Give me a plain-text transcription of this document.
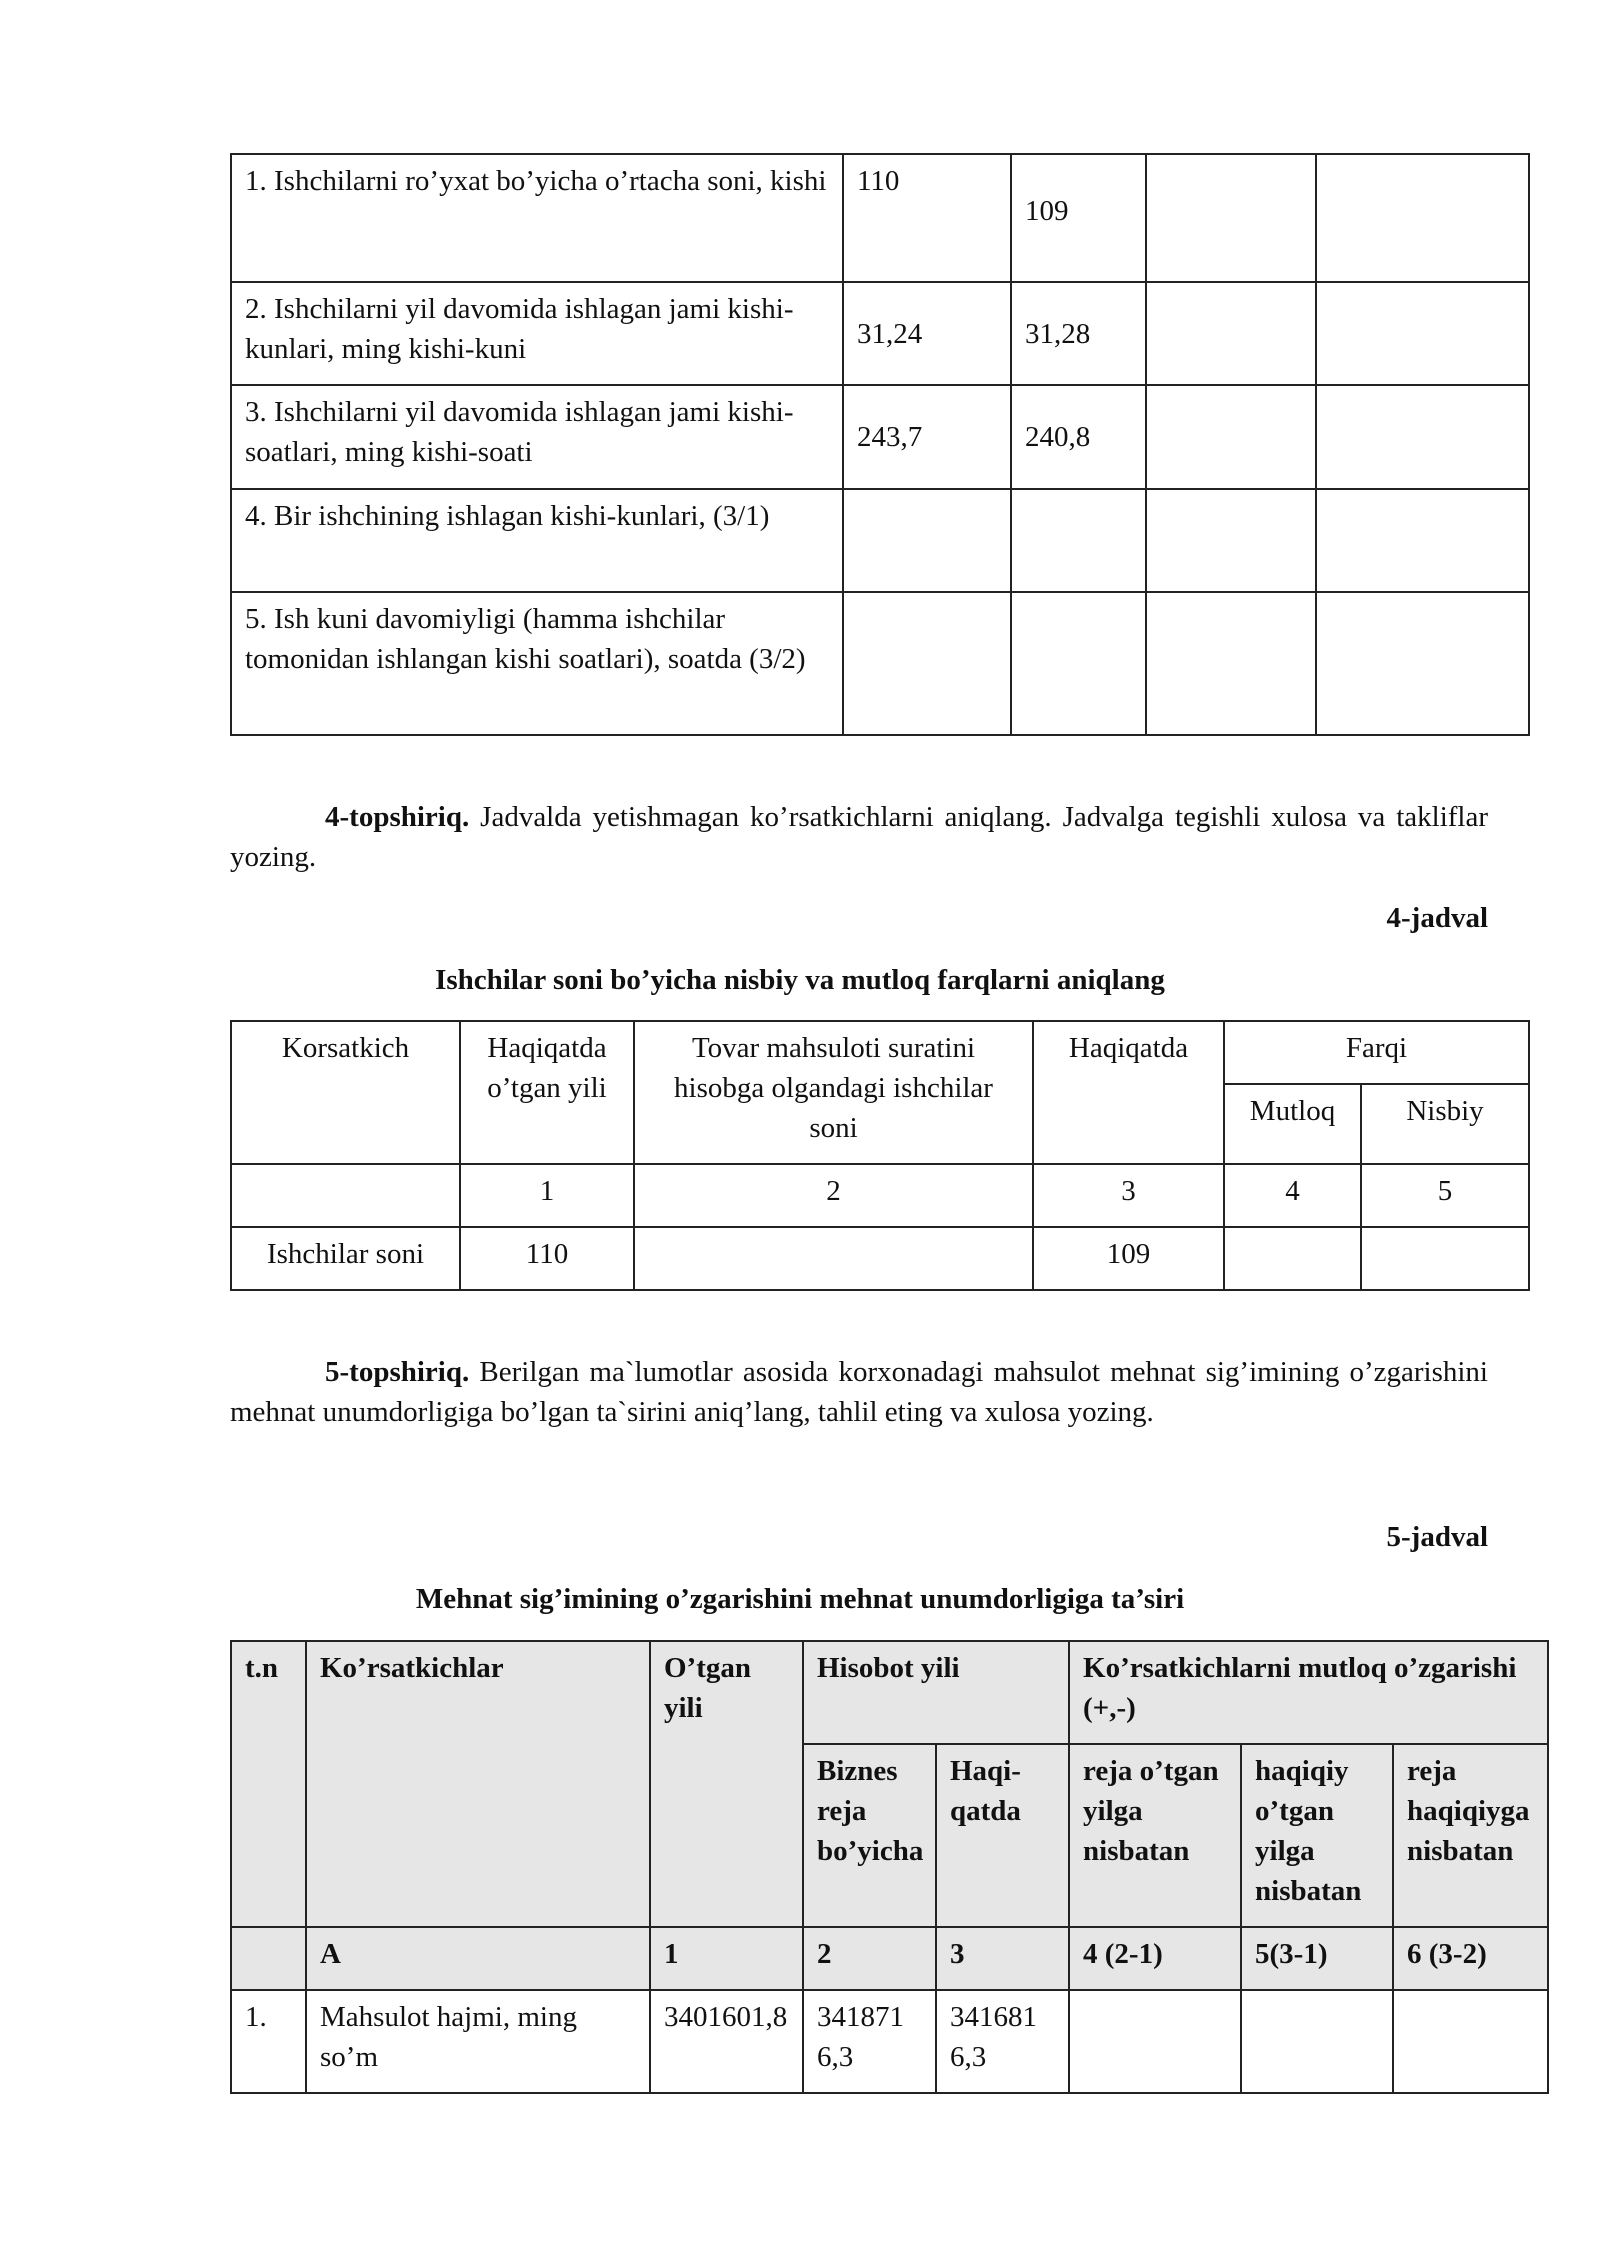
1. Ishchilarni ro’yxat bo’yicha o’rtacha soni, kishi	110	109		
2. Ishchilarni yil davomida ishlagan jami kishi-kunlari, ming kishi-kuni	31,24	31,28		
3. Ishchilarni yil davomida ishlagan jami kishi-soatlari, ming kishi-soati	243,7	240,8		
4. Bir ishchining ishlagan kishi-kunlari, (3/1)				
5. Ish kuni davomiyligi (hamma ishchilar tomonidan ishlangan kishi soatlari), soatda (3/2)				

4-topshiriq. Jadvalda yetishmagan ko’rsatkichlarni aniqlang. Jadvalga tegishli xulosa va takliflar yozing.

4-jadval
Ishchilar soni bo’yicha nisbiy va mutloq farqlarni aniqlang
Korsatkich	Haqiqatda o’tgan yili	Tovar mahsuloti suratini hisobga olgandagi ishchilar soni	Haqiqatda	Farqi	
				Mutloq	Nisbiy
	1	2	3	4	5
Ishchilar soni	110		109		

5-topshiriq. Berilgan ma`lumotlar asosida korxonadagi mahsulot mehnat sig’imining o’zgarishini mehnat unumdorligiga bo’lgan ta`sirini aniq’lang, tahlil eting va xulosa yozing.

5-jadval
Mehnat sig’imining o’zgarishini mehnat unumdorligiga ta’siri
t.n	Ko’rsatkichlar	O’tgan yili	Hisobot yili		Ko’rsatkichlarni mutloq o’zgarishi (+,-)		
			Biznes reja bo’yicha	Haqi-qatda	reja o’tgan yilga nisbatan	haqiqiy o’tgan yilga nisbatan	reja haqiqiyga nisbatan
	A	1	2	3	4 (2-1)	5(3-1)	6 (3-2)
1.	Mahsulot hajmi, ming so’m	3401601,8	3418716,3	3416816,3			
